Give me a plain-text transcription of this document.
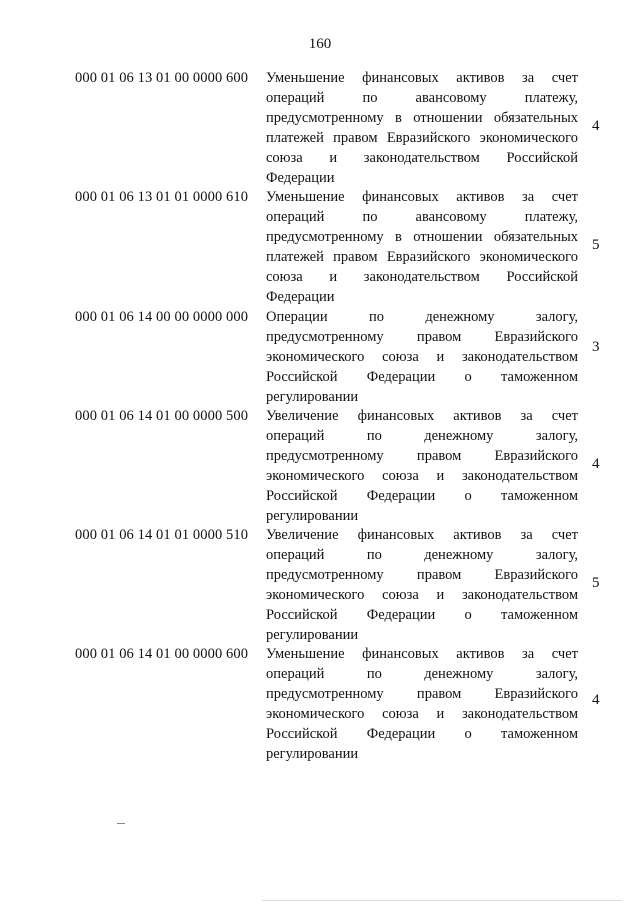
160
000 01 06 13 01 00 0000 600 Уменьшение финансовых активов за счет операций по авансовому платежу, предусмотренному в отношении обязательных платежей правом Евразийского экономического союза и законодательством Российской Федерации
4
000 01 06 13 01 01 0000 610 Уменьшение финансовых активов за счет операций по авансовому платежу, предусмотренному в отношении обязательных платежей правом Евразийского экономического союза и законодательством Российской Федерации
5
000 01 06 14 00 00 0000 000 Операции по денежному залогу, предусмотренному правом Евразийского экономического союза и законодательством Российской Федерации о таможенном регулировании
3
000 01 06 14 01 00 0000 500 Увеличение финансовых активов за счет операций по денежному залогу, предусмотренному правом Евразийского экономического союза и законодательством Российской Федерации о таможенном регулировании
4
000 01 06 14 01 01 0000 510 Увеличение финансовых активов за счет операций по денежному залогу, предусмотренному правом Евразийского экономического союза и законодательством Российской Федерации о таможенном регулировании
5
000 01 06 14 01 00 0000 600 Уменьшение финансовых активов за счет операций по денежному залогу, предусмотренному правом Евразийского экономического союза и законодательством Российской Федерации о таможенном регулировании
4
